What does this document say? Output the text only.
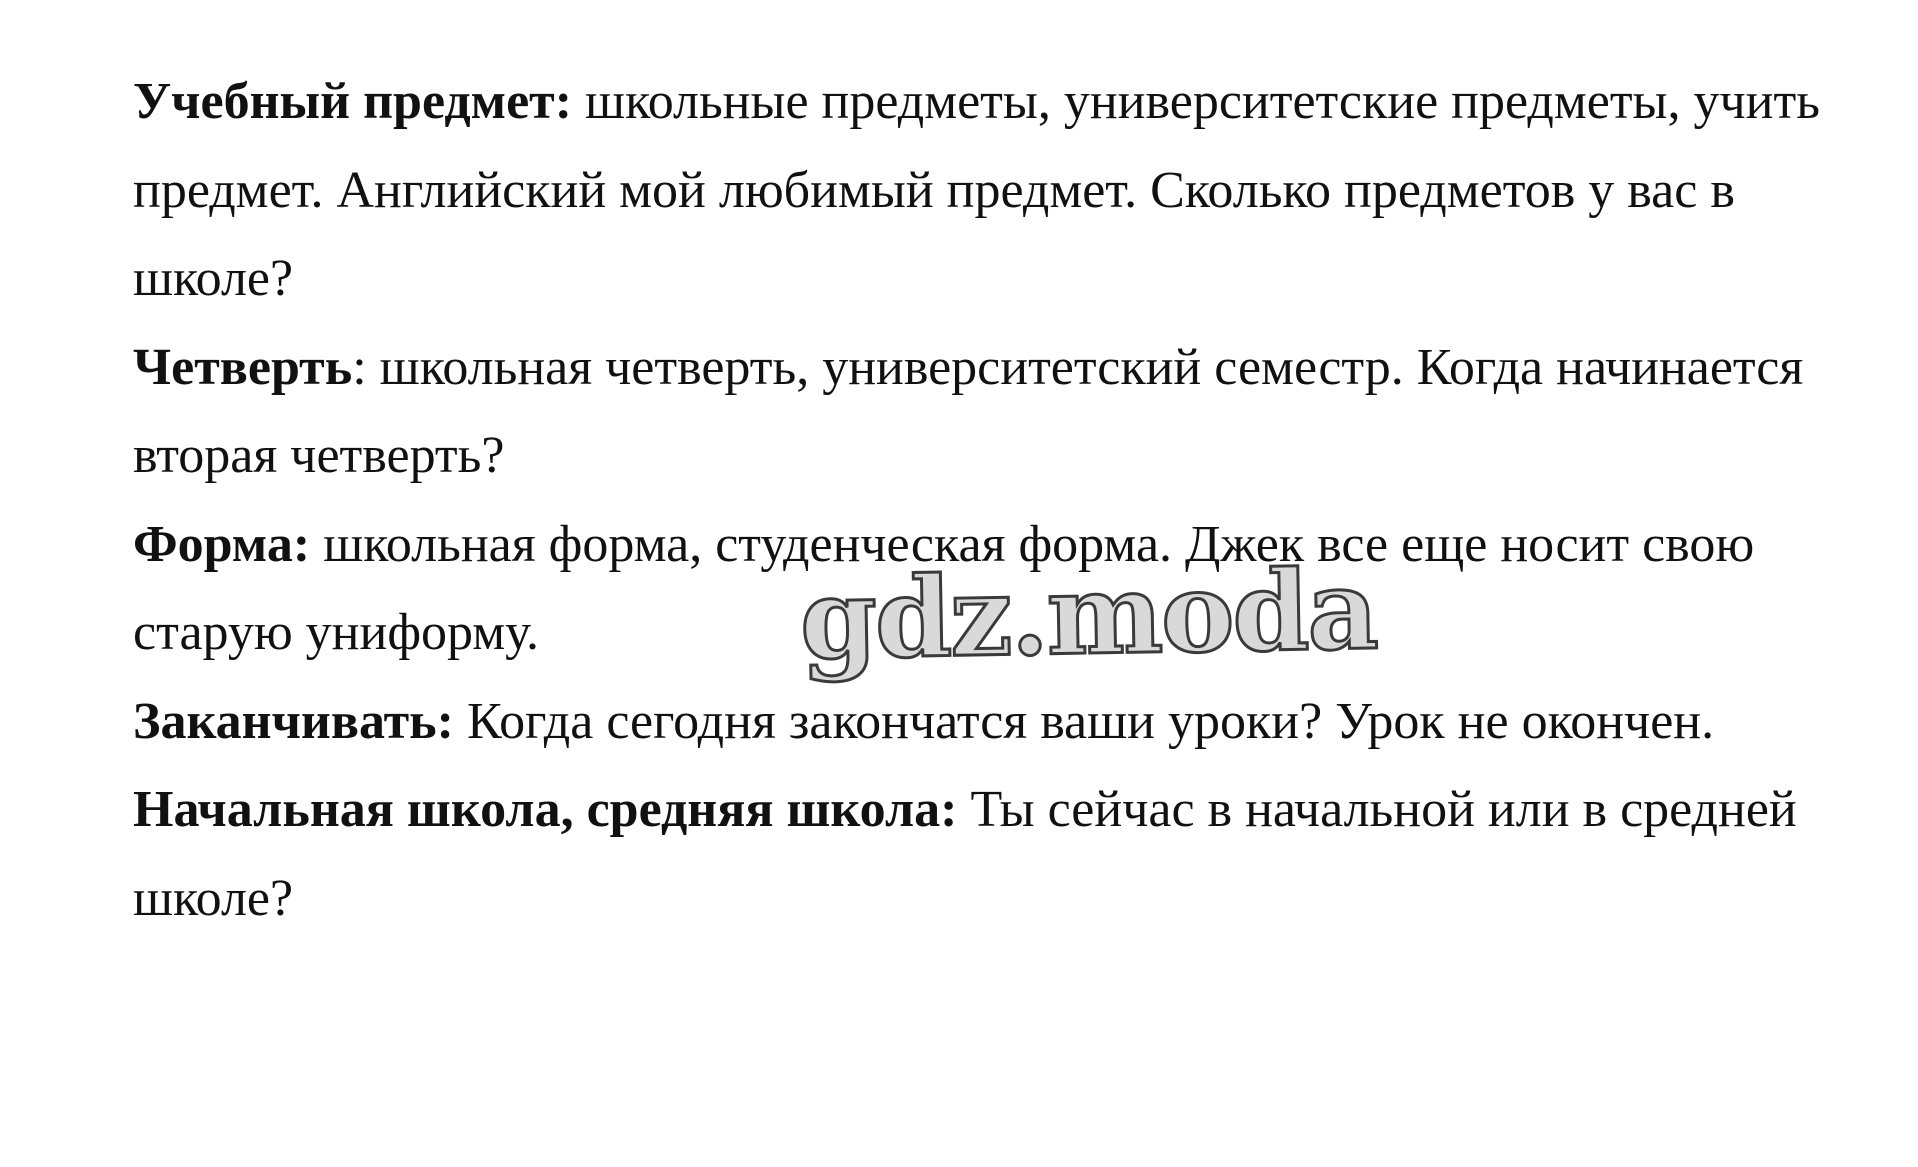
Учебный предмет: школьные предметы, университетские предметы, учить предмет. Английский мой любимый предмет. Сколько предметов у вас в школе?

Четверть: школьная четверть, университетский семестр. Когда начинается вторая четверть?

Форма: школьная форма, студенческая форма. Джек все еще носит свою старую униформу.

Заканчивать: Когда сегодня закончатся ваши уроки? Урок не окончен.

Начальная школа, средняя школа: Ты сейчас в начальной или в средней школе?

gdz.moda
